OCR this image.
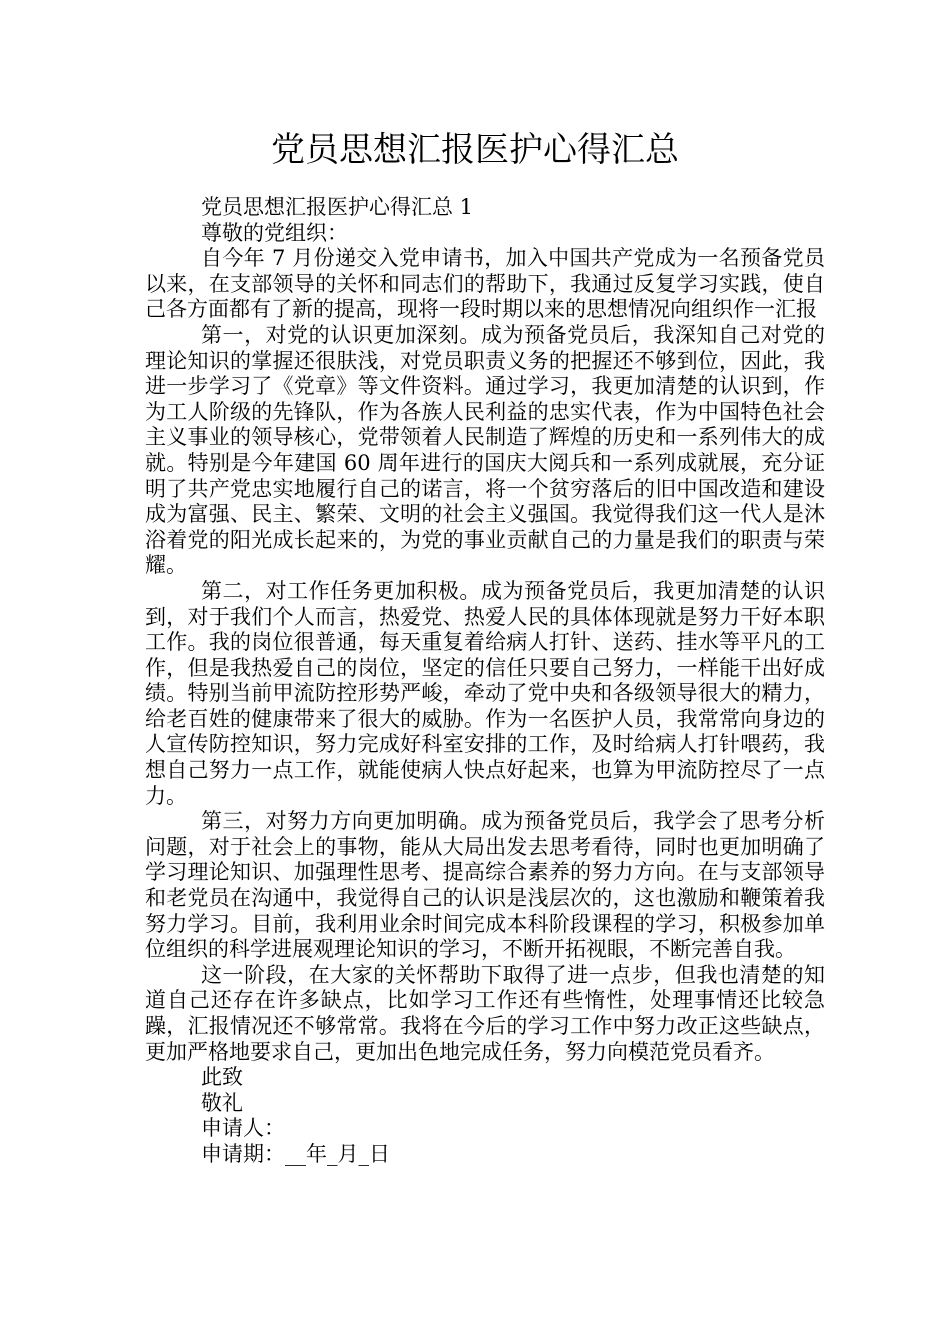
党员思想汇报医护心得汇总

党员思想汇报医护心得汇总 1

尊敬的党组织：

自今年 7 月份递交入党申请书，加入中国共产党成为一名预备党员以来，在支部领导的关怀和同志们的帮助下，我通过反复学习实践，使自己各方面都有了新的提高，现将一段时期以来的思想情况向组织作一汇报

第一，对党的认识更加深刻。成为预备党员后，我深知自己对党的理论知识的掌握还很肤浅，对党员职责义务的把握还不够到位，因此，我进一步学习了《党章》等文件资料。通过学习，我更加清楚的认识到，作为工人阶级的先锋队，作为各族人民利益的忠实代表，作为中国特色社会主义事业的领导核心，党带领着人民制造了辉煌的历史和一系列伟大的成就。特别是今年建国 60 周年进行的国庆大阅兵和一系列成就展，充分证明了共产党忠实地履行自己的诺言，将一个贫穷落后的旧中国改造和建设成为富强、民主、繁荣、文明的社会主义强国。我觉得我们这一代人是沐浴着党的阳光成长起来的，为党的事业贡献自己的力量是我们的职责与荣耀。

第二，对工作任务更加积极。成为预备党员后，我更加清楚的认识到，对于我们个人而言，热爱党、热爱人民的具体体现就是努力干好本职工作。我的岗位很普通，每天重复着给病人打针、送药、挂水等平凡的工作，但是我热爱自己的岗位，坚定的信任只要自己努力，一样能干出好成绩。特别当前甲流防控形势严峻，牵动了党中央和各级领导很大的精力，给老百姓的健康带来了很大的威胁。作为一名医护人员，我常常向身边的人宣传防控知识，努力完成好科室安排的工作，及时给病人打针喂药，我想自己努力一点工作，就能使病人快点好起来，也算为甲流防控尽了一点力。

第三，对努力方向更加明确。成为预备党员后，我学会了思考分析问题，对于社会上的事物，能从大局出发去思考看待，同时也更加明确了学习理论知识、加强理性思考、提高综合素养的努力方向。在与支部领导和老党员在沟通中，我觉得自己的认识是浅层次的，这也激励和鞭策着我努力学习。目前，我利用业余时间完成本科阶段课程的学习，积极参加单位组织的科学进展观理论知识的学习，不断开拓视眼，不断完善自我。

这一阶段，在大家的关怀帮助下取得了进一点步，但我也清楚的知道自己还存在许多缺点，比如学习工作还有些惰性，处理事情还比较急躁，汇报情况还不够常常。我将在今后的学习工作中努力改正这些缺点，更加严格地要求自己，更加出色地完成任务，努力向模范党员看齐。

此致

敬礼

申请人：

申请期：__年_月_日
